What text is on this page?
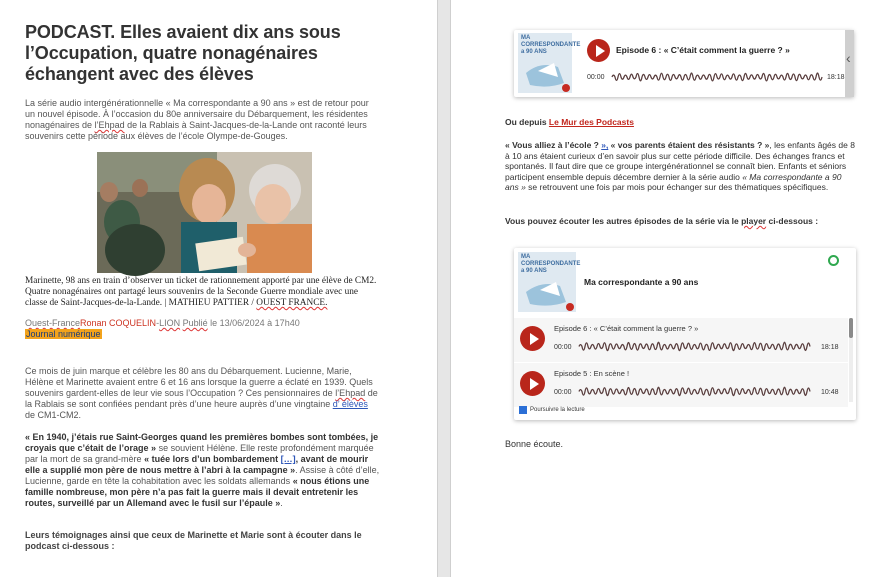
PODCAST. Elles avaient dix ans sous l’Occupation, quatre nonagénaires échangent avec des élèves
La série audio intergénérationnelle « Ma correspondante a 90 ans » est de retour pour un nouvel épisode. À l’occasion du 80e anniversaire du Débarquement, les résidentes nonagénaires de l’Ehpad de la Rablais à Saint-Jacques-de-la-Lande ont raconté leurs souvenirs cette période aux élèves de l’école Olympe-de-Gouges.
Marinette, 98 ans en train d’observer un ticket de rationnement apporté par une élève de CM2. Quatre nonagénaires ont partagé leurs souvenirs de la Seconde Guerre mondiale avec une classe de Saint-Jacques-de-la-Lande. | MATHIEU PATTIER / OUEST FRANCE.
Ouest-FranceRonan COQUELIN-LION Publié le 13/06/2024 à 17h40
Journal numérique
Ce mois de juin marque et célèbre les 80 ans du Débarquement. Lucienne, Marie, Hélène et Marinette avaient entre 6 et 16 ans lorsque la guerre a éclaté en 1939. Quels souvenirs gardent-elles de leur vie sous l’Occupation ? Ces pensionnaires de l’Ehpad de la Rablais se sont confiées pendant près d’une heure auprès d’une vingtaine d’ élèves de CM1-CM2.
« En 1940, j’étais rue Saint-Georges quand les premières bombes sont tombées, je croyais que c’était de l’orage » se souvient Hélène. Elle reste profondément marquée par la mort de sa grand-mère « tuée lors d’un bombardement […], avant de mourir elle a supplié mon père de nous mettre à l’abri à la campagne ». Assise à côté d’elle, Lucienne, garde en tête la cohabitation avec les soldats allemands « nous étions une famille nombreuse, mon père n’a pas fait la guerre mais il devait entretenir les routes, surveillé par un Allemand avec le fusil sur l’épaule ».
Leurs témoignages ainsi que ceux de Marinette et Marie sont à écouter dans le podcast ci-dessous :
MA CORRESPONDANTE a 90 ANS	Episode 6 : « C’était comment la guerre ? »
00:00	18:18
‹
Ou depuis Le Mur des Podcasts
« Vous alliez à l’école ? », « vos parents étaient des résistants ? », les enfants âgés de 8 à 10 ans étaient curieux d’en savoir plus sur cette période difficile. Des échanges francs et spontanés. Il faut dire que ce groupe intergénérationnel se connaît bien. Enfants et séniors participent ensemble depuis décembre dernier à la série audio « Ma correspondante a 90 ans » se retrouvent une fois par mois pour échanger sur des thématiques spécifiques.
Vous pouvez écouter les autres épisodes de la série via le player ci-dessous :
MA CORRESPONDANTE a 90 ANS
Ma correspondante a 90 ans
Episode 6 : « C’était comment la guerre ? »
00:00	18:18
Episode 5 : En scène !
00:00	10:48
Poursuivre la lecture
Bonne écoute.
